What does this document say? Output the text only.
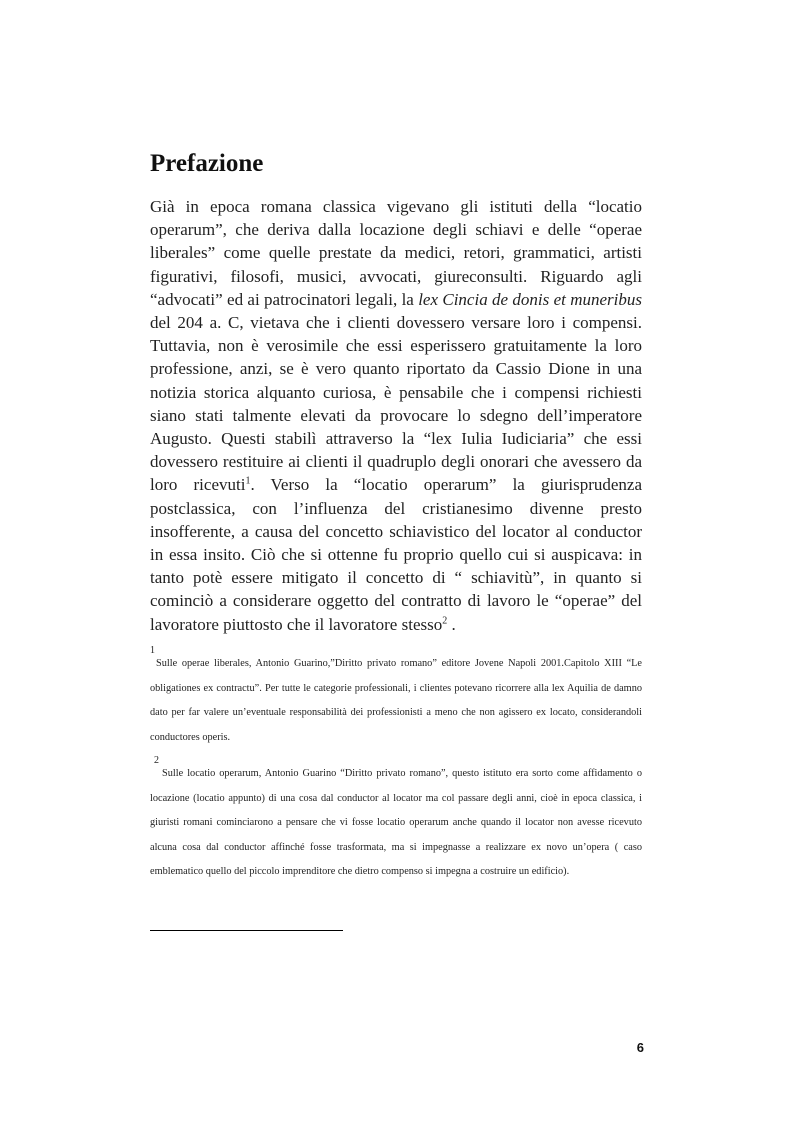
Prefazione

Già in epoca romana classica vigevano gli istituti della “locatio operarum”, che deriva dalla locazione degli schiavi e delle “operae liberales” come quelle prestate da medici, retori, grammatici, artisti figurativi, filosofi, musici, avvocati, giureconsulti. Riguardo agli “advocati” ed ai patrocinatori legali, la lex Cincia de donis et muneribus del 204 a. C, vietava che i clienti dovessero versare loro i compensi. Tuttavia, non è verosimile che essi esperissero gratuitamente la loro professione, anzi, se è vero quanto riportato da Cassio Dione in una notizia storica alquanto curiosa, è pensabile che i compensi richiesti siano stati talmente elevati da provocare lo sdegno dell’imperatore Augusto. Questi stabilì attraverso la “lex Iulia Iudiciaria” che essi dovessero restituire ai clienti il quadruplo degli onorari che avessero da loro ricevuti$^1$. Verso la “locatio operarum” la giurisprudenza postclassica, con l’influenza del cristianesimo divenne presto insofferente, a causa del concetto schiavistico del locator al conductor in essa insito. Ciò che si ottenne fu proprio quello cui si auspicava: in tanto potè essere mitigato il concetto di “ schiavitù”, in quanto si cominciò a considerare oggetto del contratto di lavoro le “operae” del lavoratore piuttosto che il lavoratore stesso$^2$ .

1

Sulle operae liberales, Antonio Guarino,”Diritto privato romano” editore Jovene Napoli 2001.Capitolo XIII “Le obligationes ex contractu”. Per tutte le categorie professionali, i clientes potevano ricorrere alla lex Aquilia de damno dato per far valere un’eventuale responsabilità dei professionisti a meno che non agissero ex locato, considerandoli conductores operis.

2

Sulle locatio operarum, Antonio Guarino “Diritto privato romano”, questo istituto era sorto come affidamento o locazione (locatio appunto) di una cosa dal conductor al locator ma col passare degli anni, cioè in epoca classica, i giuristi romani cominciarono a pensare che vi fosse locatio operarum anche quando il locator non avesse ricevuto alcuna cosa dal conductor affinché fosse trasformata, ma si impegnasse a realizzare ex novo un’opera ( caso emblematico quello del piccolo imprenditore che dietro compenso si impegna a costruire un edificio).

6
